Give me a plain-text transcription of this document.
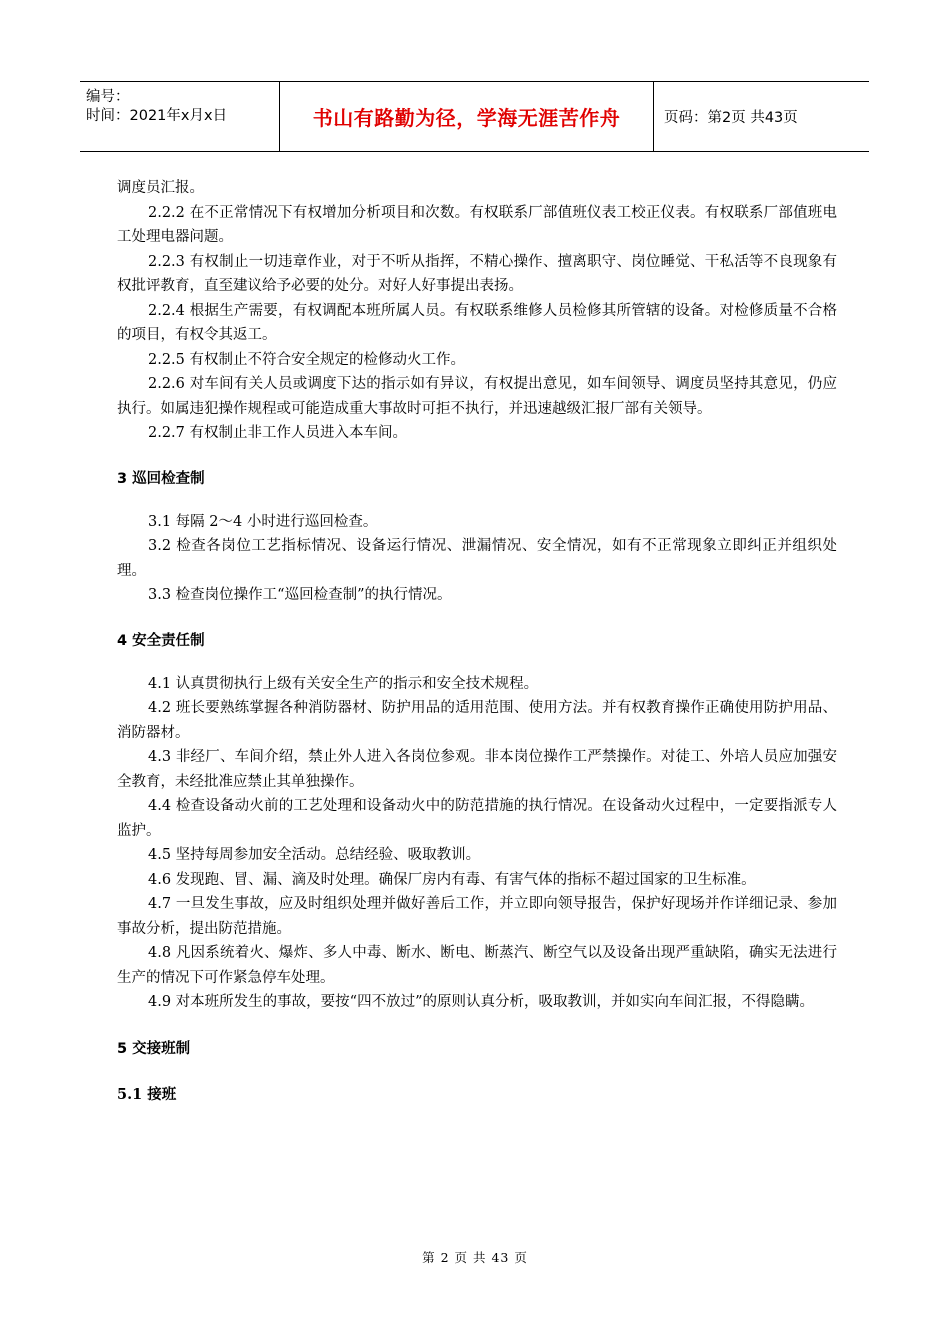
编号：
时间：2021年x月x日	书山有路勤为径，学海无涯苦作舟	页码：第2页 共43页

调度员汇报。

2.2.2 在不正常情况下有权增加分析项目和次数。有权联系厂部值班仪表工校正仪表。有权联系厂部值班电工处理电器问题。

2.2.3 有权制止一切违章作业，对于不听从指挥，不精心操作、擅离职守、岗位睡觉、干私活等不良现象有权批评教育，直至建议给予必要的处分。对好人好事提出表扬。

2.2.4 根据生产需要，有权调配本班所属人员。有权联系维修人员检修其所管辖的设备。对检修质量不合格的项目，有权令其返工。

2.2.5 有权制止不符合安全规定的检修动火工作。

2.2.6 对车间有关人员或调度下达的指示如有异议，有权提出意见，如车间领导、调度员坚持其意见，仍应执行。如属违犯操作规程或可能造成重大事故时可拒不执行，并迅速越级汇报厂部有关领导。

2.2.7 有权制止非工作人员进入本车间。

3 巡回检查制

3.1 每隔 2～4 小时进行巡回检查。

3.2 检查各岗位工艺指标情况、设备运行情况、泄漏情况、安全情况，如有不正常现象立即纠正并组织处理。

3.3 检查岗位操作工“巡回检查制”的执行情况。

4 安全责任制

4.1 认真贯彻执行上级有关安全生产的指示和安全技术规程。

4.2 班长要熟练掌握各种消防器材、防护用品的适用范围、使用方法。并有权教育操作正确使用防护用品、消防器材。

4.3 非经厂、车间介绍，禁止外人进入各岗位参观。非本岗位操作工严禁操作。对徒工、外培人员应加强安全教育，未经批准应禁止其单独操作。

4.4 检查设备动火前的工艺处理和设备动火中的防范措施的执行情况。在设备动火过程中，一定要指派专人监护。

4.5 坚持每周参加安全活动。总结经验、吸取教训。

4.6 发现跑、冒、漏、滴及时处理。确保厂房内有毒、有害气体的指标不超过国家的卫生标准。

4.7 一旦发生事故，应及时组织处理并做好善后工作，并立即向领导报告，保护好现场并作详细记录、参加事故分析，提出防范措施。

4.8 凡因系统着火、爆炸、多人中毒、断水、断电、断蒸汽、断空气以及设备出现严重缺陷，确实无法进行生产的情况下可作紧急停车处理。

4.9 对本班所发生的事故，要按“四不放过”的原则认真分析，吸取教训，并如实向车间汇报，不得隐瞒。

5 交接班制
5.1 接班
第 2 页 共 43 页
